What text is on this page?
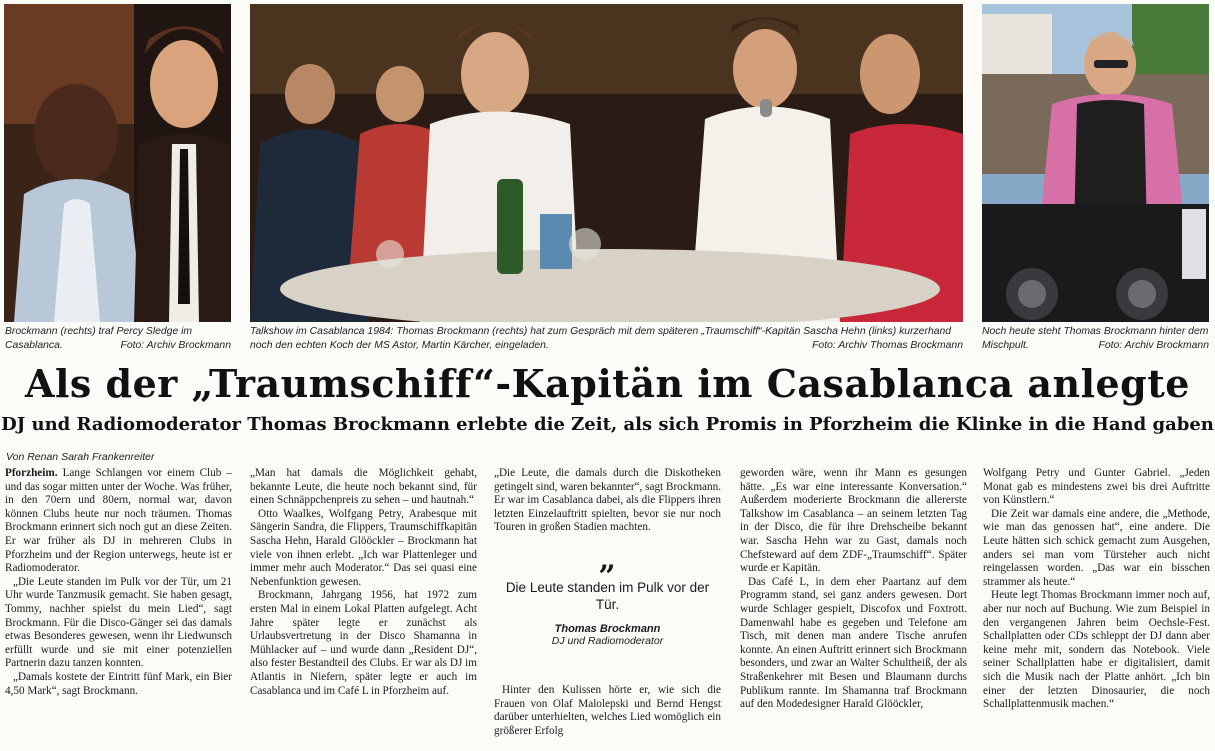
Brockmann (rechts) traf Percy Sledge im Casablanca.	Foto: Archiv Brockmann
Talkshow im Casablanca 1984: Thomas Brockmann (rechts) hat zum Gespräch mit dem späteren „Traumschiff“-Kapitän Sascha Hehn (links) kurzerhand noch den echten Koch der MS Astor, Martin Kärcher, eingeladen.	Foto: Archiv Thomas Brockmann
Noch heute steht Thomas Brockmann hinter dem Mischpult.	Foto: Archiv Brockmann
Als der „Traumschiff“-Kapitän im Casablanca anlegte
DJ und Radiomoderator Thomas Brockmann erlebte die Zeit, als sich Promis in Pforzheim die Klinke in die Hand gaben
Von Renan Sarah Frankenreiter

Pforzheim. Lange Schlangen vor einem Club – und das sogar mitten unter der Woche. Was früher, in den 70ern und 80ern, normal war, davon können Clubs heute nur noch träumen. Thomas Brockmann erinnert sich noch gut an diese Zeiten. Er war früher als DJ in mehreren Clubs in Pforzheim und der Region unterwegs, heute ist er Radiomoderator.

„Die Leute standen im Pulk vor der Tür, um 21 Uhr wurde Tanzmusik gemacht. Sie haben gesagt, Tommy, nachher spielst du mein Lied“, sagt Brockmann. Für die Disco-Gänger sei das damals etwas Besonderes gewesen, wenn ihr Liedwunsch erfüllt wurde und sie mit einer potenziellen Partnerin dazu tanzen konnten.

„Damals kostete der Eintritt fünf Mark, ein Bier 4,50 Mark“, sagt Brockmann.

„Man hat damals die Möglichkeit gehabt, bekannte Leute, die heute noch bekannt sind, für einen Schnäppchenpreis zu sehen – und hautnah.“

Otto Waalkes, Wolfgang Petry, Arabesque mit Sängerin Sandra, die Flippers, Traumschiffkapitän Sascha Hehn, Harald Glööckler – Brockmann hat viele von ihnen erlebt. „Ich war Plattenleger und immer mehr auch Moderator.“ Das sei quasi eine Nebenfunktion gewesen.

Brockmann, Jahrgang 1956, hat 1972 zum ersten Mal in einem Lokal Platten aufgelegt. Acht Jahre später legte er zunächst als Urlaubsvertretung in der Disco Shamanna in Mühlacker auf – und wurde dann „Resident DJ“, also fester Bestandteil des Clubs. Er war als DJ im Atlantis in Niefern, später legte er auch im Casablanca und im Café L in Pforzheim auf.

„Die Leute, die damals durch die Diskotheken getingelt sind, waren bekannter“, sagt Brockmann. Er war im Casablanca dabei, als die Flippers ihren letzten Einzelauftritt spielten, bevor sie nur noch Touren in großen Stadien machten.

„
Die Leute standen im Pulk vor der Tür.
Thomas Brockmann
DJ und Radiomoderator

Hinter den Kulissen hörte er, wie sich die Frauen von Olaf Malolepski und Bernd Hengst darüber unterhielten, welches Lied womöglich ein größerer Erfolg

geworden wäre, wenn ihr Mann es gesungen hätte. „Es war eine interessante Konversation.“ Außerdem moderierte Brockmann die allererste Talkshow im Casablanca – an seinem letzten Tag in der Disco, die für ihre Drehscheibe bekannt war. Sascha Hehn war zu Gast, damals noch Chefsteward auf dem ZDF-„Traumschiff“. Später wurde er Kapitän.

Das Café L, in dem eher Paartanz auf dem Programm stand, sei ganz anders gewesen. Dort wurde Schlager gespielt, Discofox und Foxtrott. Damenwahl habe es gegeben und Telefone am Tisch, mit denen man andere Tische anrufen konnte. An einen Auftritt erinnert sich Brockmann besonders, und zwar an Walter Schultheiß, der als Straßenkehrer mit Besen und Blaumann durchs Publikum rannte. Im Shamanna traf Brockmann auf den Modedesigner Harald Glööckler,

Wolfgang Petry und Gunter Gabriel. „Jeden Monat gab es mindestens zwei bis drei Auftritte von Künstlern.“

Die Zeit war damals eine andere, die „Methode, wie man das genossen hat“, eine andere. Die Leute hätten sich schick gemacht zum Ausgehen, anders sei man vom Türsteher auch nicht reingelassen worden. „Das war ein bisschen strammer als heute.“

Heute legt Thomas Brockmann immer noch auf, aber nur noch auf Buchung. Wie zum Beispiel in den vergangenen Jahren beim Oechsle-Fest. Schallplatten oder CDs schleppt der DJ dann aber keine mehr mit, sondern das Notebook. Viele seiner Schallplatten habe er digitalisiert, damit sich die Musik nach der Platte anhört. „Ich bin einer der letzten Dinosaurier, die noch Schallplattenmusik machen.“
